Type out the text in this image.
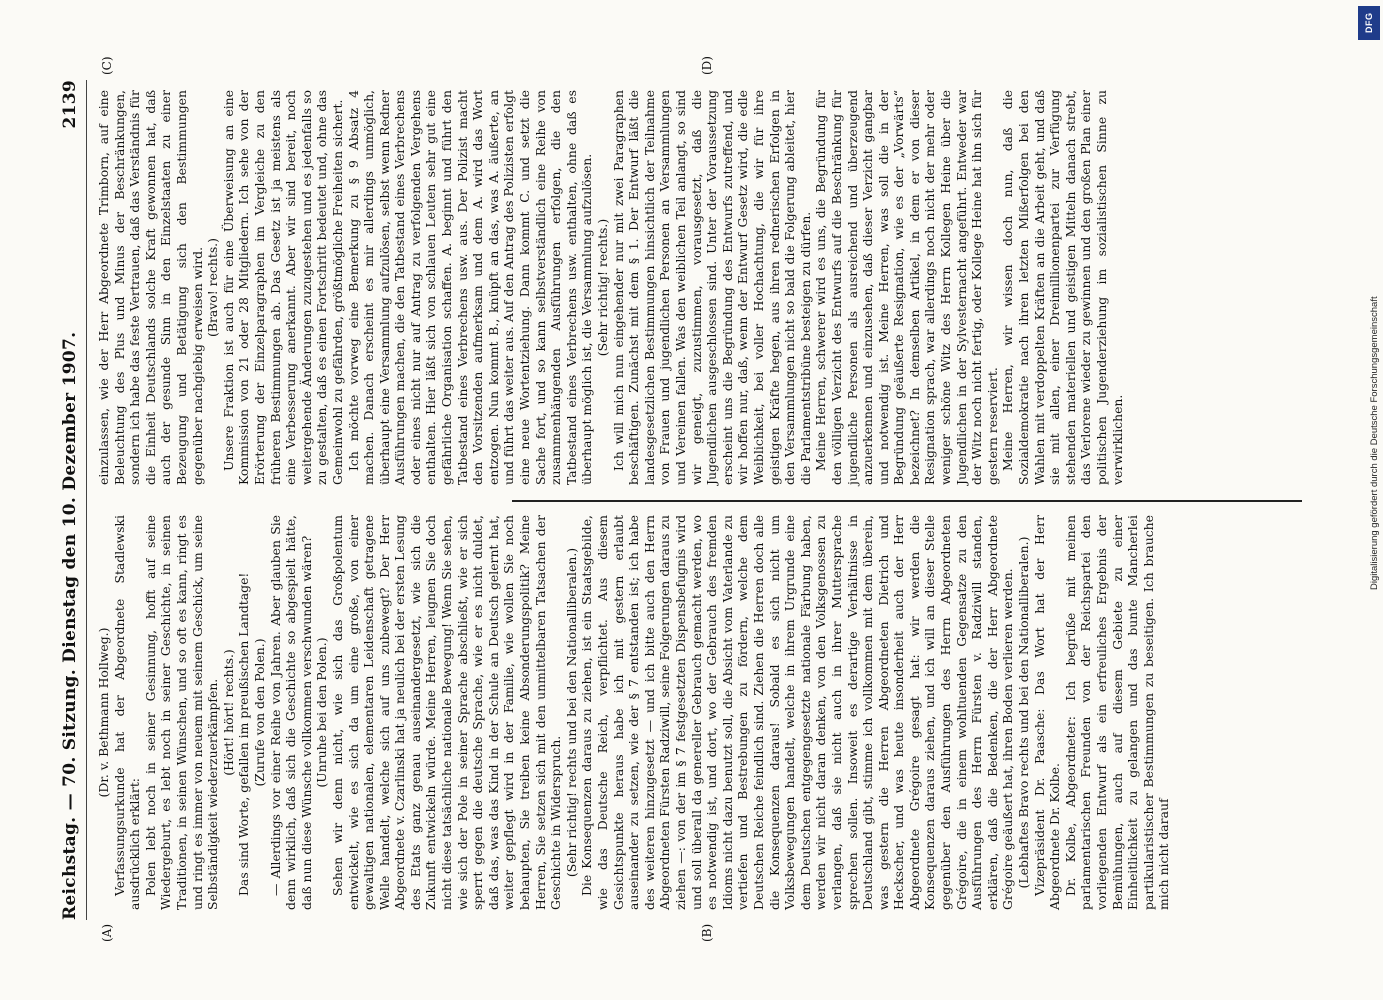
Reichstag. — 70. Sitzung. Dienstag den 10. Dezember 1907.
2139
(A)	(B)
(C)	(D)

(Dr. v. Bethmann Hollweg.) Verfassungsurkunde hat der Abgeordnete Stadlewski ausdrücklich erklärt: Polen lebt noch in seiner Gesinnung, hofft auf seine Wiedergeburt, es lebt noch in seiner Geschichte, in seinen Traditionen, in seinen Wünschen, und so oft es kann, ringt es und ringt es immer von neuem mit seinem Geschick, um seine Selbständigkeit wiederzuerkämpfen. (Hört! hört! rechts.) Das sind Worte, gefallen im preußischen Landtage! (Zurufe von den Polen.) — Allerdings vor einer Reihe von Jahren. Aber glauben Sie denn wirklich, daß sich die Geschichte so abgespielt hätte, daß nun diese Wünsche vollkommen verschwunden wären? (Unruhe bei den Polen.) Sehen wir denn nicht, wie sich das Großpolentum entwickelt, wie es sich da um eine große, von einer gewaltigen nationalen, elementaren Leidenschaft getragene Welle handelt, welche sich auf uns zubewegt? Der Herr Abgeordnete v. Czarlinski hat ja neulich bei der ersten Lesung des Etats ganz genau auseinandergesetzt, wie sich die Zukunft entwickeln würde. Meine Herren, leugnen Sie doch nicht diese tatsächliche nationale Bewegung! Wenn Sie sehen, wie sich der Pole in seiner Sprache abschließt, wie er sich sperrt gegen die deutsche Sprache, wie er es nicht duldet, daß das, was das Kind in der Schule an Deutsch gelernt hat, weiter gepflegt wird in der Familie, wie wollen Sie noch behaupten, Sie treiben keine Absonderungspolitik? Meine Herren, Sie setzen sich mit den unmittelbaren Tatsachen der Geschichte in Widerspruch. (Sehr richtig! rechts und bei den Nationalliberalen.) Die Konsequenzen daraus zu ziehen, ist ein Staatsgebilde, wie das Deutsche Reich, verpflichtet. Aus diesem Gesichtspunkte heraus habe ich mit gestern erlaubt auseinander zu setzen, wie der § 7 entstanden ist; ich habe des weiteren hinzugesetzt — und ich bitte auch den Herrn Abgeordneten Fürsten Radziwill, seine Folgerungen daraus zu ziehen —: von der im § 7 festgesetzten Dispensbefugnis wird und soll überall da genereller Gebrauch gemacht werden, wo es notwendig ist, und dort, wo der Gebrauch des fremden Idioms nicht dazu benutzt soll, die Absicht vom Vaterlande zu vertiefen und Bestrebungen zu fördern, welche dem Deutschen Reiche feindlich sind. Ziehen die Herren doch alle die Konsequenzen daraus! Sobald es sich nicht um Volksbewegungen handelt, welche in ihrem Urgrunde eine dem Deutschen entgegengesetzte nationale Färbung haben, werden wir nicht daran denken, von den Volksgenossen zu verlangen, daß sie nicht auch in ihrer Muttersprache sprechen sollen. Insoweit es derartige Verhältnisse in Deutschland gibt, stimme ich vollkommen mit dem überein, was gestern die Herren Abgeordneten Dietrich und Heckscher, und was heute insonderheit auch der Herr Abgeordnete Grégoire gesagt hat: wir werden die Konsequenzen daraus ziehen, und ich will an dieser Stelle gegenüber den Ausführungen des Herrn Abgeordneten Grégoire, die in einem wohltuenden Gegensatze zu den Ausführungen des Herrn Fürsten v. Radziwill standen, erklären, daß die Bedenken, die der Herr Abgeordnete Grégoire geäußert hat, ihren Boden verlieren werden. (Lebhaftes Bravo rechts und bei den Nationalliberalen.) Vizepräsident Dr. Paasche: Das Wort hat der Herr Abgeordnete Dr. Kolbe. Dr. Kolbe, Abgeordneter: Ich begrüße mit meinen parlamentarischen Freunden von der Reichspartei den vorliegenden Entwurf als ein erfreuliches Ergebnis der Bemühungen, auch auf diesem Gebiete zu einer Einheitlichkeit zu gelangen und das bunte Mancherlei partikularistischer Bestimmungen zu beseitigen. Ich brauche mich nicht darauf

einzulassen, wie der Herr Abgeordnete Trimborn, auf eine Beleuchtung des Plus und Minus der Beschränkungen, sondern ich habe das feste Vertrauen, daß das Verständnis für die Einheit Deutschlands solche Kraft gewonnen hat, daß auch der gesunde Sinn in den Einzelstaaten zu einer Bezeugung und Betätigung sich den Bestimmungen gegenüber nachgiebig erweisen wird. (Bravo! rechts.) Unsere Fraktion ist auch für eine Überweisung an eine Kommission von 21 oder 28 Mitgliedern. Ich sehe von der Erörterung der Einzelparagraphen im Vergleiche zu den früheren Bestimmungen ab. Das Gesetz ist ja meistens als eine Verbesserung anerkannt. Aber wir sind bereit, noch weitergehende Änderungen zuzugestehen und es jedenfalls so zu gestalten, daß es einen Fortschritt bedeutet und, ohne das Gemeinwohl zu gefährden, größtmögliche Freiheiten sichert. Ich möchte vorweg eine Bemerkung zu § 9 Absatz 4 machen. Danach erscheint es mir allerdings unmöglich, überhaupt eine Versammlung aufzulösen, selbst wenn Redner Ausführungen machen, die den Tatbestand eines Verbrechens oder eines nicht nur auf Antrag zu verfolgenden Vergehens enthalten. Hier läßt sich von schlauen Leuten sehr gut eine gefährliche Organisation schaffen. A. beginnt und führt den Tatbestand eines Verbrechens usw. aus. Der Polizist macht den Vorsitzenden aufmerksam und dem A. wird das Wort entzogen. Nun kommt B., knüpft an das, was A. äußerte, an und führt das weiter aus. Auf den Antrag des Polizisten erfolgt eine neue Wortentziehung. Dann kommt C. und setzt die Sache fort, und so kann selbstverständlich eine Reihe von zusammenhängenden Ausführungen erfolgen, die den Tatbestand eines Verbrechens usw. enthalten, ohne daß es überhaupt möglich ist, die Versammlung aufzulösen. (Sehr richtig! rechts.) Ich will mich nun eingehender nur mit zwei Paragraphen beschäftigen. Zunächst mit dem § 1. Der Entwurf läßt die landesgesetzlichen Bestimmungen hinsichtlich der Teilnahme von Frauen und jugendlichen Personen an Versammlungen und Vereinen fallen. Was den weiblichen Teil anlangt, so sind wir geneigt, zuzustimmen, vorausgesetzt, daß die Jugendlichen ausgeschlossen sind. Unter der Voraussetzung erscheint uns die Begründung des Entwurfs zutreffend, und wir hoffen nur, daß, wenn der Entwurf Gesetz wird, die edle Weiblichkeit, bei voller Hochachtung, die wir für ihre geistigen Kräfte hegen, aus ihren rednerischen Erfolgen in den Versammlungen nicht so bald die Folgerung ableitet, hier die Parlamentstribüne besteigen zu dürfen. Meine Herren, schwerer wird es uns, die Begründung für den völligen Verzicht des Entwurfs auf die Beschränkung für jugendliche Personen als ausreichend und überzeugend anzuerkennen und einzusehen, daß dieser Verzicht gangbar und notwendig ist. Meine Herren, was soll die in der Begründung geäußerte Resignation, wie es der „Vorwärts“ bezeichnet? In demselben Artikel, in dem er von dieser Resignation sprach, war allerdings noch nicht der mehr oder weniger schöne Witz des Herrn Kollegen Heine über die Jugendlichen in der Sylvesternacht angeführt. Entweder war der Witz noch nicht fertig, oder Kollege Heine hat ihn sich für gestern reserviert. Meine Herren, wir wissen doch nun, daß die Sozialdemokratie nach ihren letzten Mißerfolgen bei den Wahlen mit verdoppelten Kräften an die Arbeit geht, und daß sie mit allen, einer Dreimillionenpartei zur Verfügung stehenden materiellen und geistigen Mitteln danach strebt, das Verlorene wieder zu gewinnen und den großen Plan einer politischen Jugenderziehung im sozialistischen Sinne zu verwirklichen.

DFG
Digitalisierung gefördert durch die Deutsche Forschungsgemeinschaft
